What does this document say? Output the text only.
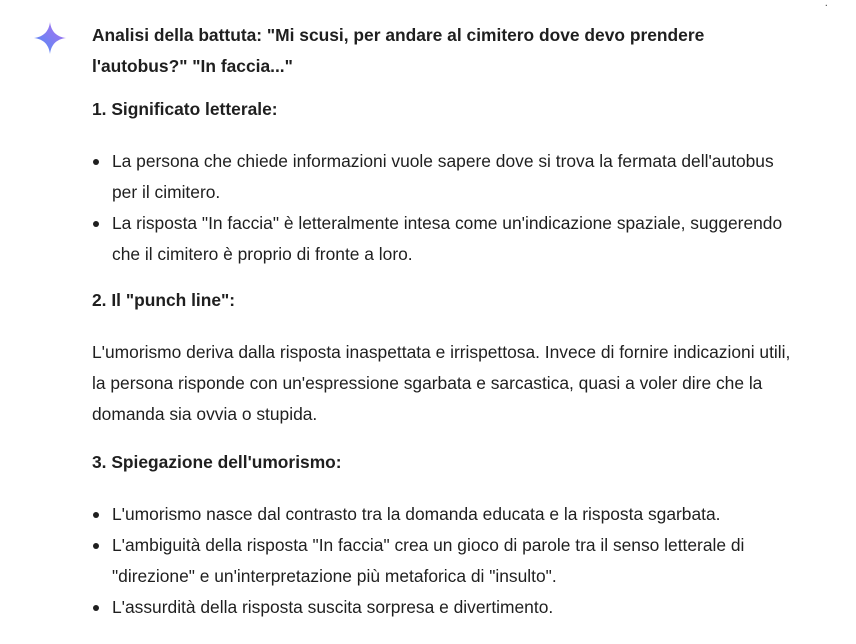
․

Analisi della battuta: "Mi scusi, per andare al cimitero dove devo prendere l'autobus?" "In faccia..."

1. Significato letterale:

La persona che chiede informazioni vuole sapere dove si trova la fermata dell'autobus per il cimitero.
La risposta "In faccia" è letteralmente intesa come un'indicazione spaziale, suggerendo che il cimitero è proprio di fronte a loro.

2. Il "punch line":

L'umorismo deriva dalla risposta inaspettata e irrispettosa. Invece di fornire indicazioni utili, la persona risponde con un'espressione sgarbata e sarcastica, quasi a voler dire che la domanda sia ovvia o stupida.

3. Spiegazione dell'umorismo:

L'umorismo nasce dal contrasto tra la domanda educata e la risposta sgarbata.
L'ambiguità della risposta "In faccia" crea un gioco di parole tra il senso letterale di "direzione" e un'interpretazione più metaforica di "insulto".
L'assurdità della risposta suscita sorpresa e divertimento.
